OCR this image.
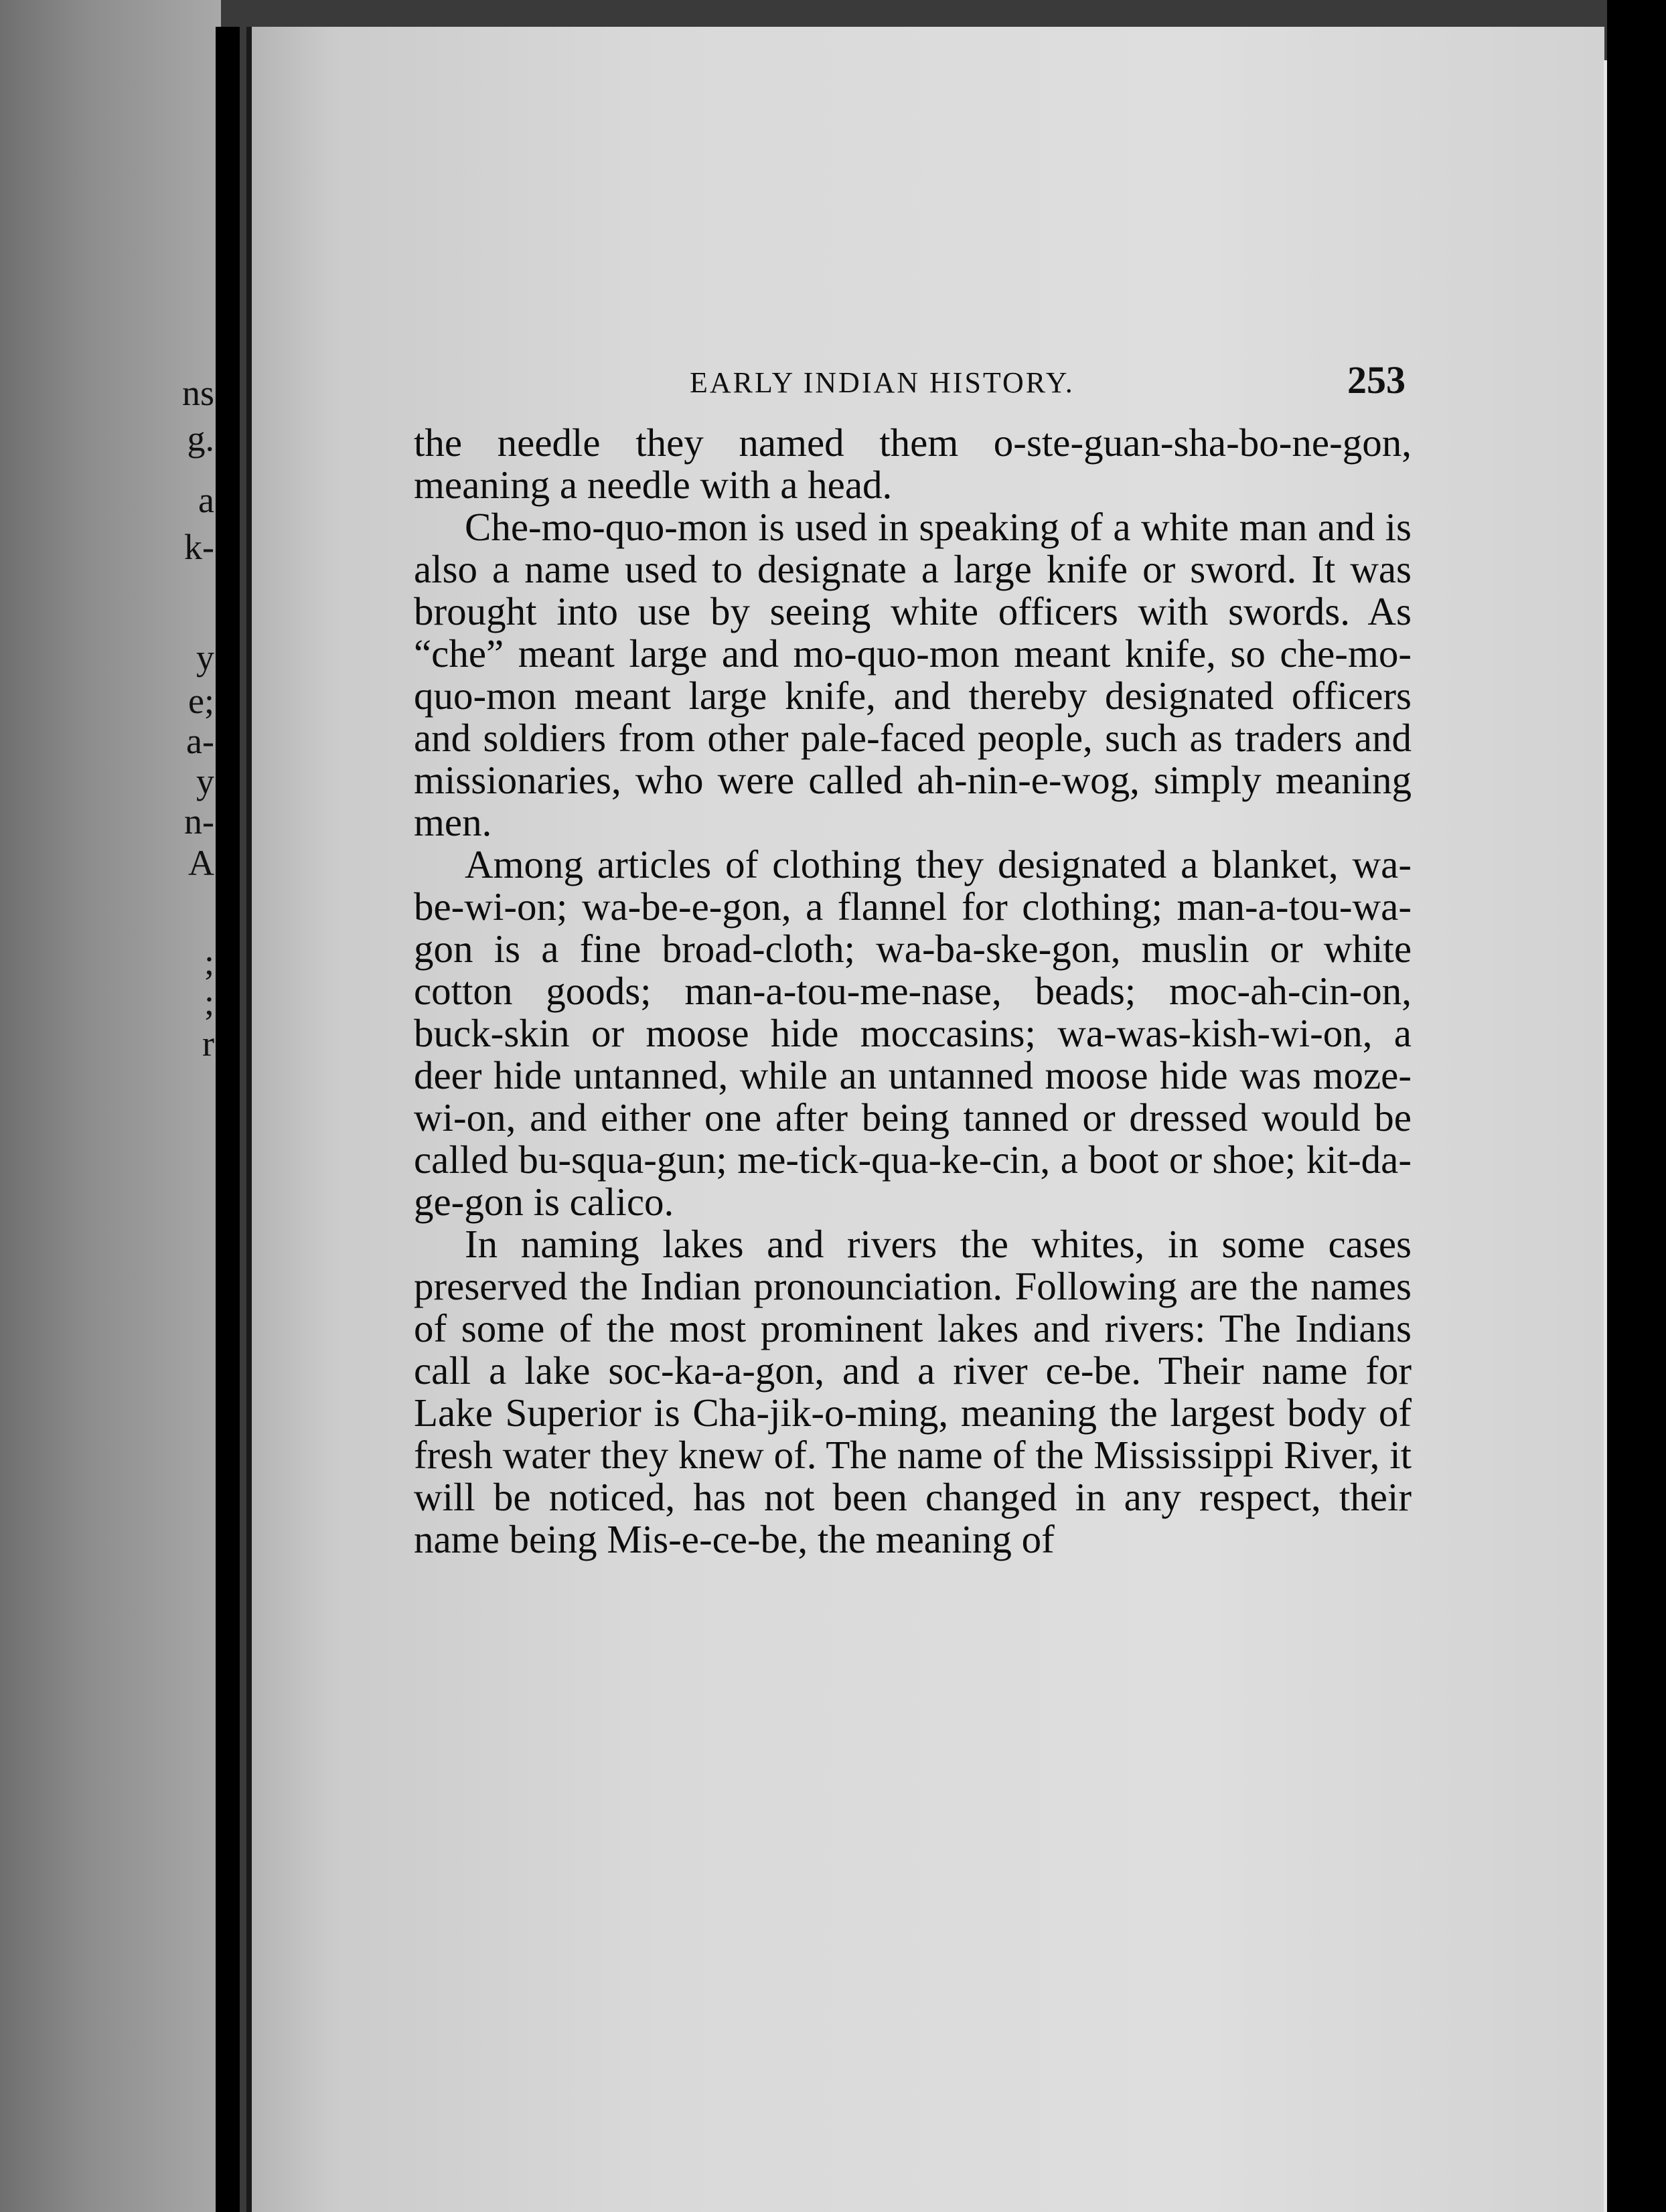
ns
g.
a
k-
y
e;
a-
y
n-
A
;
;
r
EARLY INDIAN HISTORY.	253

the needle they named them o-ste-guan-sha-bo-ne-gon, meaning a needle with a head.

Che-mo-quo-mon is used in speaking of a white man and is also a name used to designate a large knife or sword. It was brought into use by seeing white officers with swords. As “che” meant large and mo-quo-mon meant knife, so che-mo-quo-mon meant large knife, and thereby designated officers and soldiers from other pale-faced people, such as traders and missionaries, who were called ah-nin-e-wog, simply meaning men.

Among articles of clothing they designated a blanket, wa-be-wi-on; wa-be-e-gon, a flannel for clothing; man-a-tou-wa-gon is a fine broad-cloth; wa-ba-ske-gon, muslin or white cotton goods; man-a-tou-me-nase, beads; moc-ah-cin-on, buck-skin or moose hide moccasins; wa-was-kish-wi-on, a deer hide untanned, while an untanned moose hide was moze-wi-on, and either one after being tanned or dressed would be called bu-squa-gun; me-tick-qua-ke-cin, a boot or shoe; kit-da-ge-gon is calico.

In naming lakes and rivers the whites, in some cases preserved the Indian pronounciation. Following are the names of some of the most prominent lakes and rivers: The Indians call a lake soc-ka-a-gon, and a river ce-be. Their name for Lake Superior is Cha-jik-o-ming, meaning the largest body of fresh water they knew of. The name of the Mississippi River, it will be noticed, has not been changed in any respect, their name being Mis-e-ce-be, the meaning of
